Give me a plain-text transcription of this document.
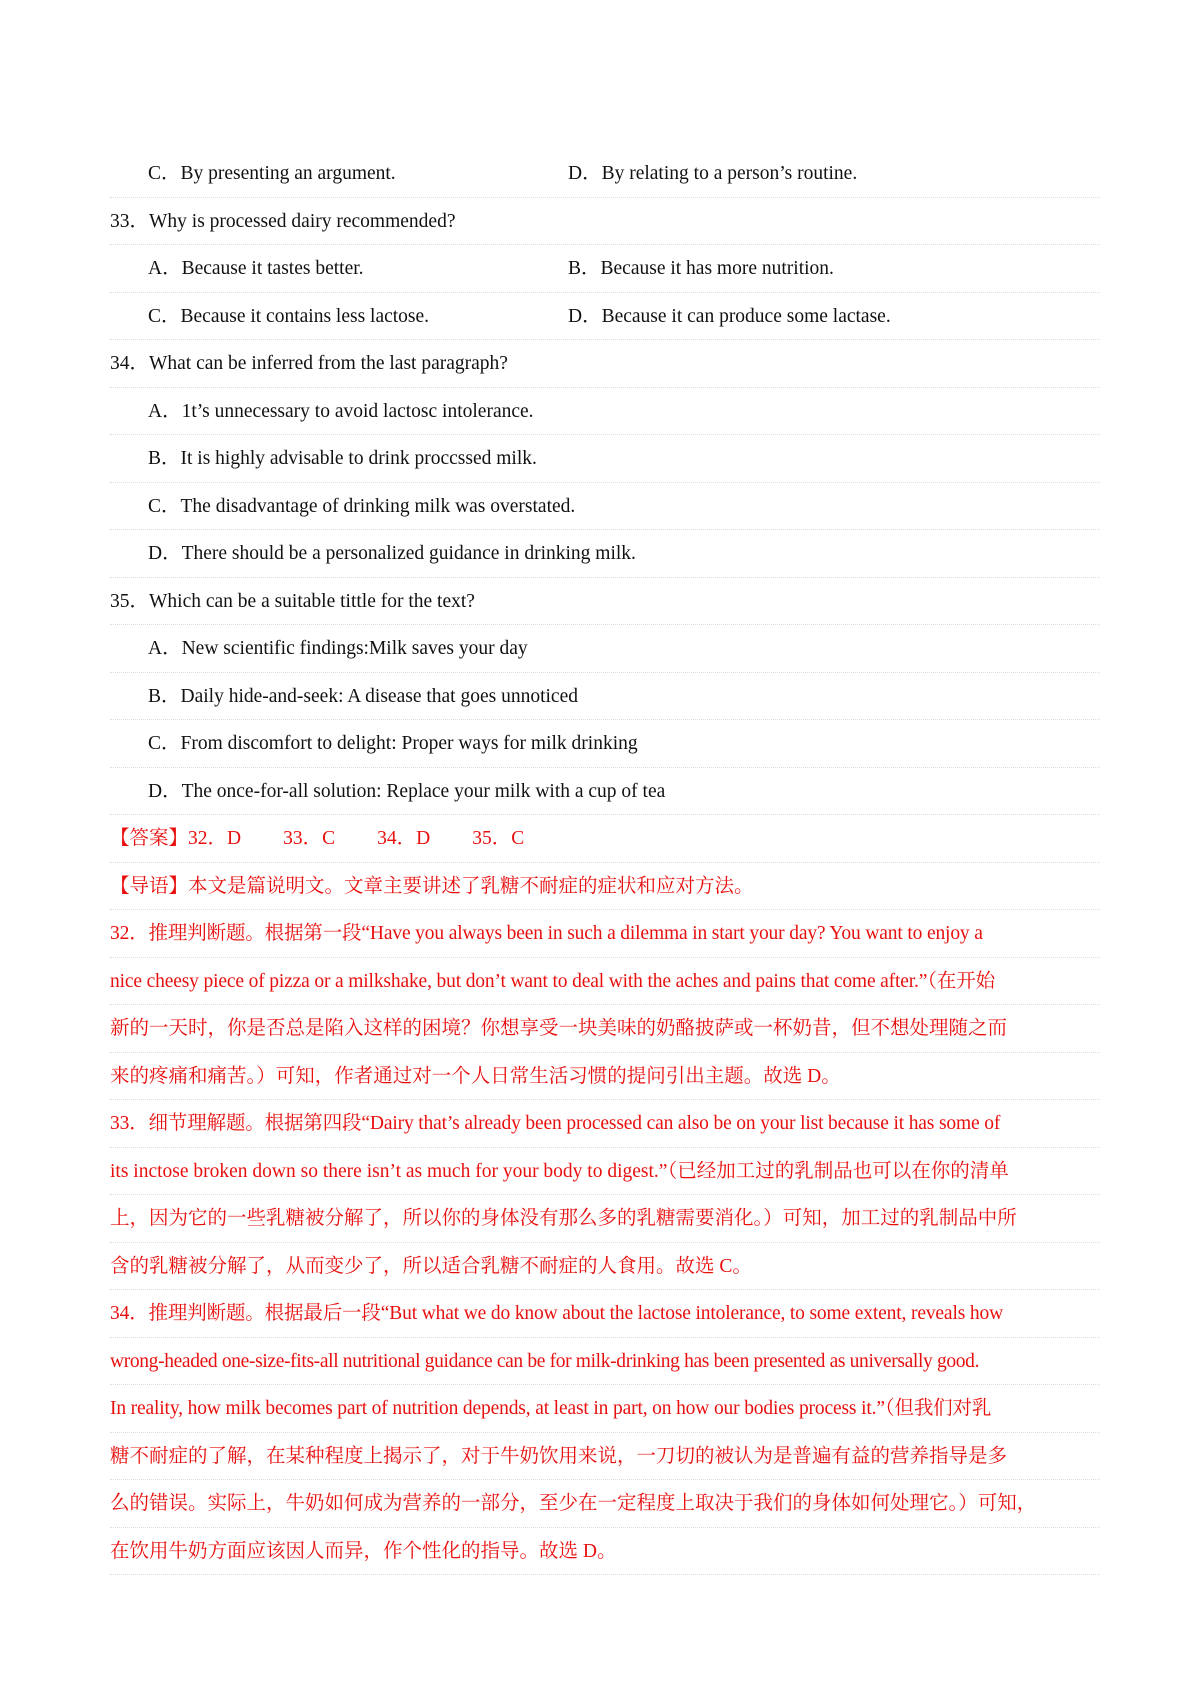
C．By presenting an argument.	D．By relating to a person’s routine.
33．Why is processed dairy recommended?
A．Because it tastes better.	B．Because it has more nutrition.
C．Because it contains less lactose.	D．Because it can produce some lactase.
34．What can be inferred from the last paragraph?
A．1t’s unnecessary to avoid lactosc intolerance.
B．It is highly advisable to drink proccssed milk.
C．The disadvantage of drinking milk was overstated.
D．There should be a personalized guidance in drinking milk.
35．Which can be a suitable tittle for the text?
A．New scientific findings:Milk saves your day
B．Daily hide-and-seek: A disease that goes unnoticed
C．From discomfort to delight: Proper ways for milk drinking
D．The once-for-all solution: Replace your milk with a cup of tea
【答案】32．D 33．C 34．D 35．C
【导语】本文是篇说明文。文章主要讲述了乳糖不耐症的症状和应对方法。
32．推理判断题。根据第一段“Have you always been in such a dilemma in start your day? You want to enjoy a
nice cheesy piece of pizza or a milkshake, but don’t want to deal with the aches and pains that come after.”（在开始
新的一天时，你是否总是陷入这样的困境？你想享受一块美味的奶酪披萨或一杯奶昔，但不想处理随之而
来的疼痛和痛苦。）可知，作者通过对一个人日常生活习惯的提问引出主题。故选 D。
33．细节理解题。根据第四段“Dairy that’s already been processed can also be on your list because it has some of
its inctose broken down so there isn’t as much for your body to digest.”（已经加工过的乳制品也可以在你的清单
上，因为它的一些乳糖被分解了，所以你的身体没有那么多的乳糖需要消化。）可知，加工过的乳制品中所
含的乳糖被分解了，从而变少了，所以适合乳糖不耐症的人食用。故选 C。
34．推理判断题。根据最后一段“But what we do know about the lactose intolerance, to some extent, reveals how
wrong-headed one-size-fits-all nutritional guidance can be for milk-drinking has been presented as universally good.
In reality, how milk becomes part of nutrition depends, at least in part, on how our bodies process it.”（但我们对乳
糖不耐症的了解，在某种程度上揭示了，对于牛奶饮用来说，一刀切的被认为是普遍有益的营养指导是多
么的错误。实际上，牛奶如何成为营养的一部分，至少在一定程度上取决于我们的身体如何处理它。）可知，
在饮用牛奶方面应该因人而异，作个性化的指导。故选 D。
